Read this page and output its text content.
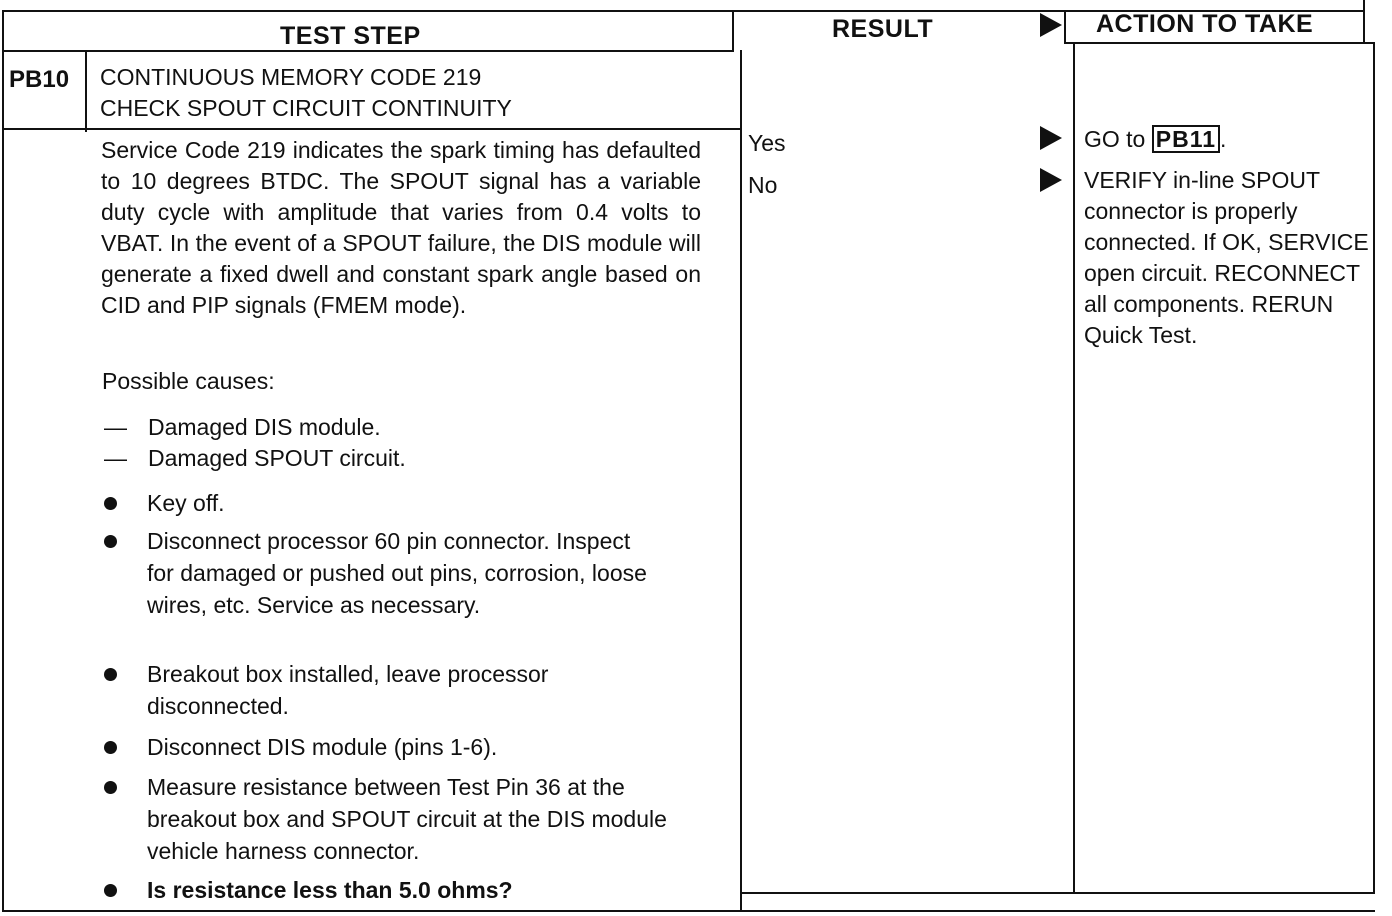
TEST STEP	RESULT	ACTION TO TAKE
PB10 CONTINUOUS MEMORY CODE 219
CHECK SPOUT CIRCUIT CONTINUITY
Service Code 219 indicates the spark timing has defaulted to 10 degrees BTDC. The SPOUT signal has a variable duty cycle with amplitude that varies from 0.4 volts to VBAT. In the event of a SPOUT failure, the DIS module will generate a fixed dwell and constant spark angle based on CID and PIP signals (FMEM mode).
Possible causes:
— Damaged DIS module.
— Damaged SPOUT circuit.
Key off.
Disconnect processor 60 pin connector. Inspect for damaged or pushed out pins, corrosion, loose wires, etc. Service as necessary.
Breakout box installed, leave processor disconnected.
Disconnect DIS module (pins 1-6).
Measure resistance between Test Pin 36 at the breakout box and SPOUT circuit at the DIS module vehicle harness connector.
Is resistance less than 5.0 ohms?
Yes
No
GO to PB11 .
VERIFY in-line SPOUT connector is properly connected. If OK, SERVICE open circuit. RECONNECT all components. RERUN Quick Test.
